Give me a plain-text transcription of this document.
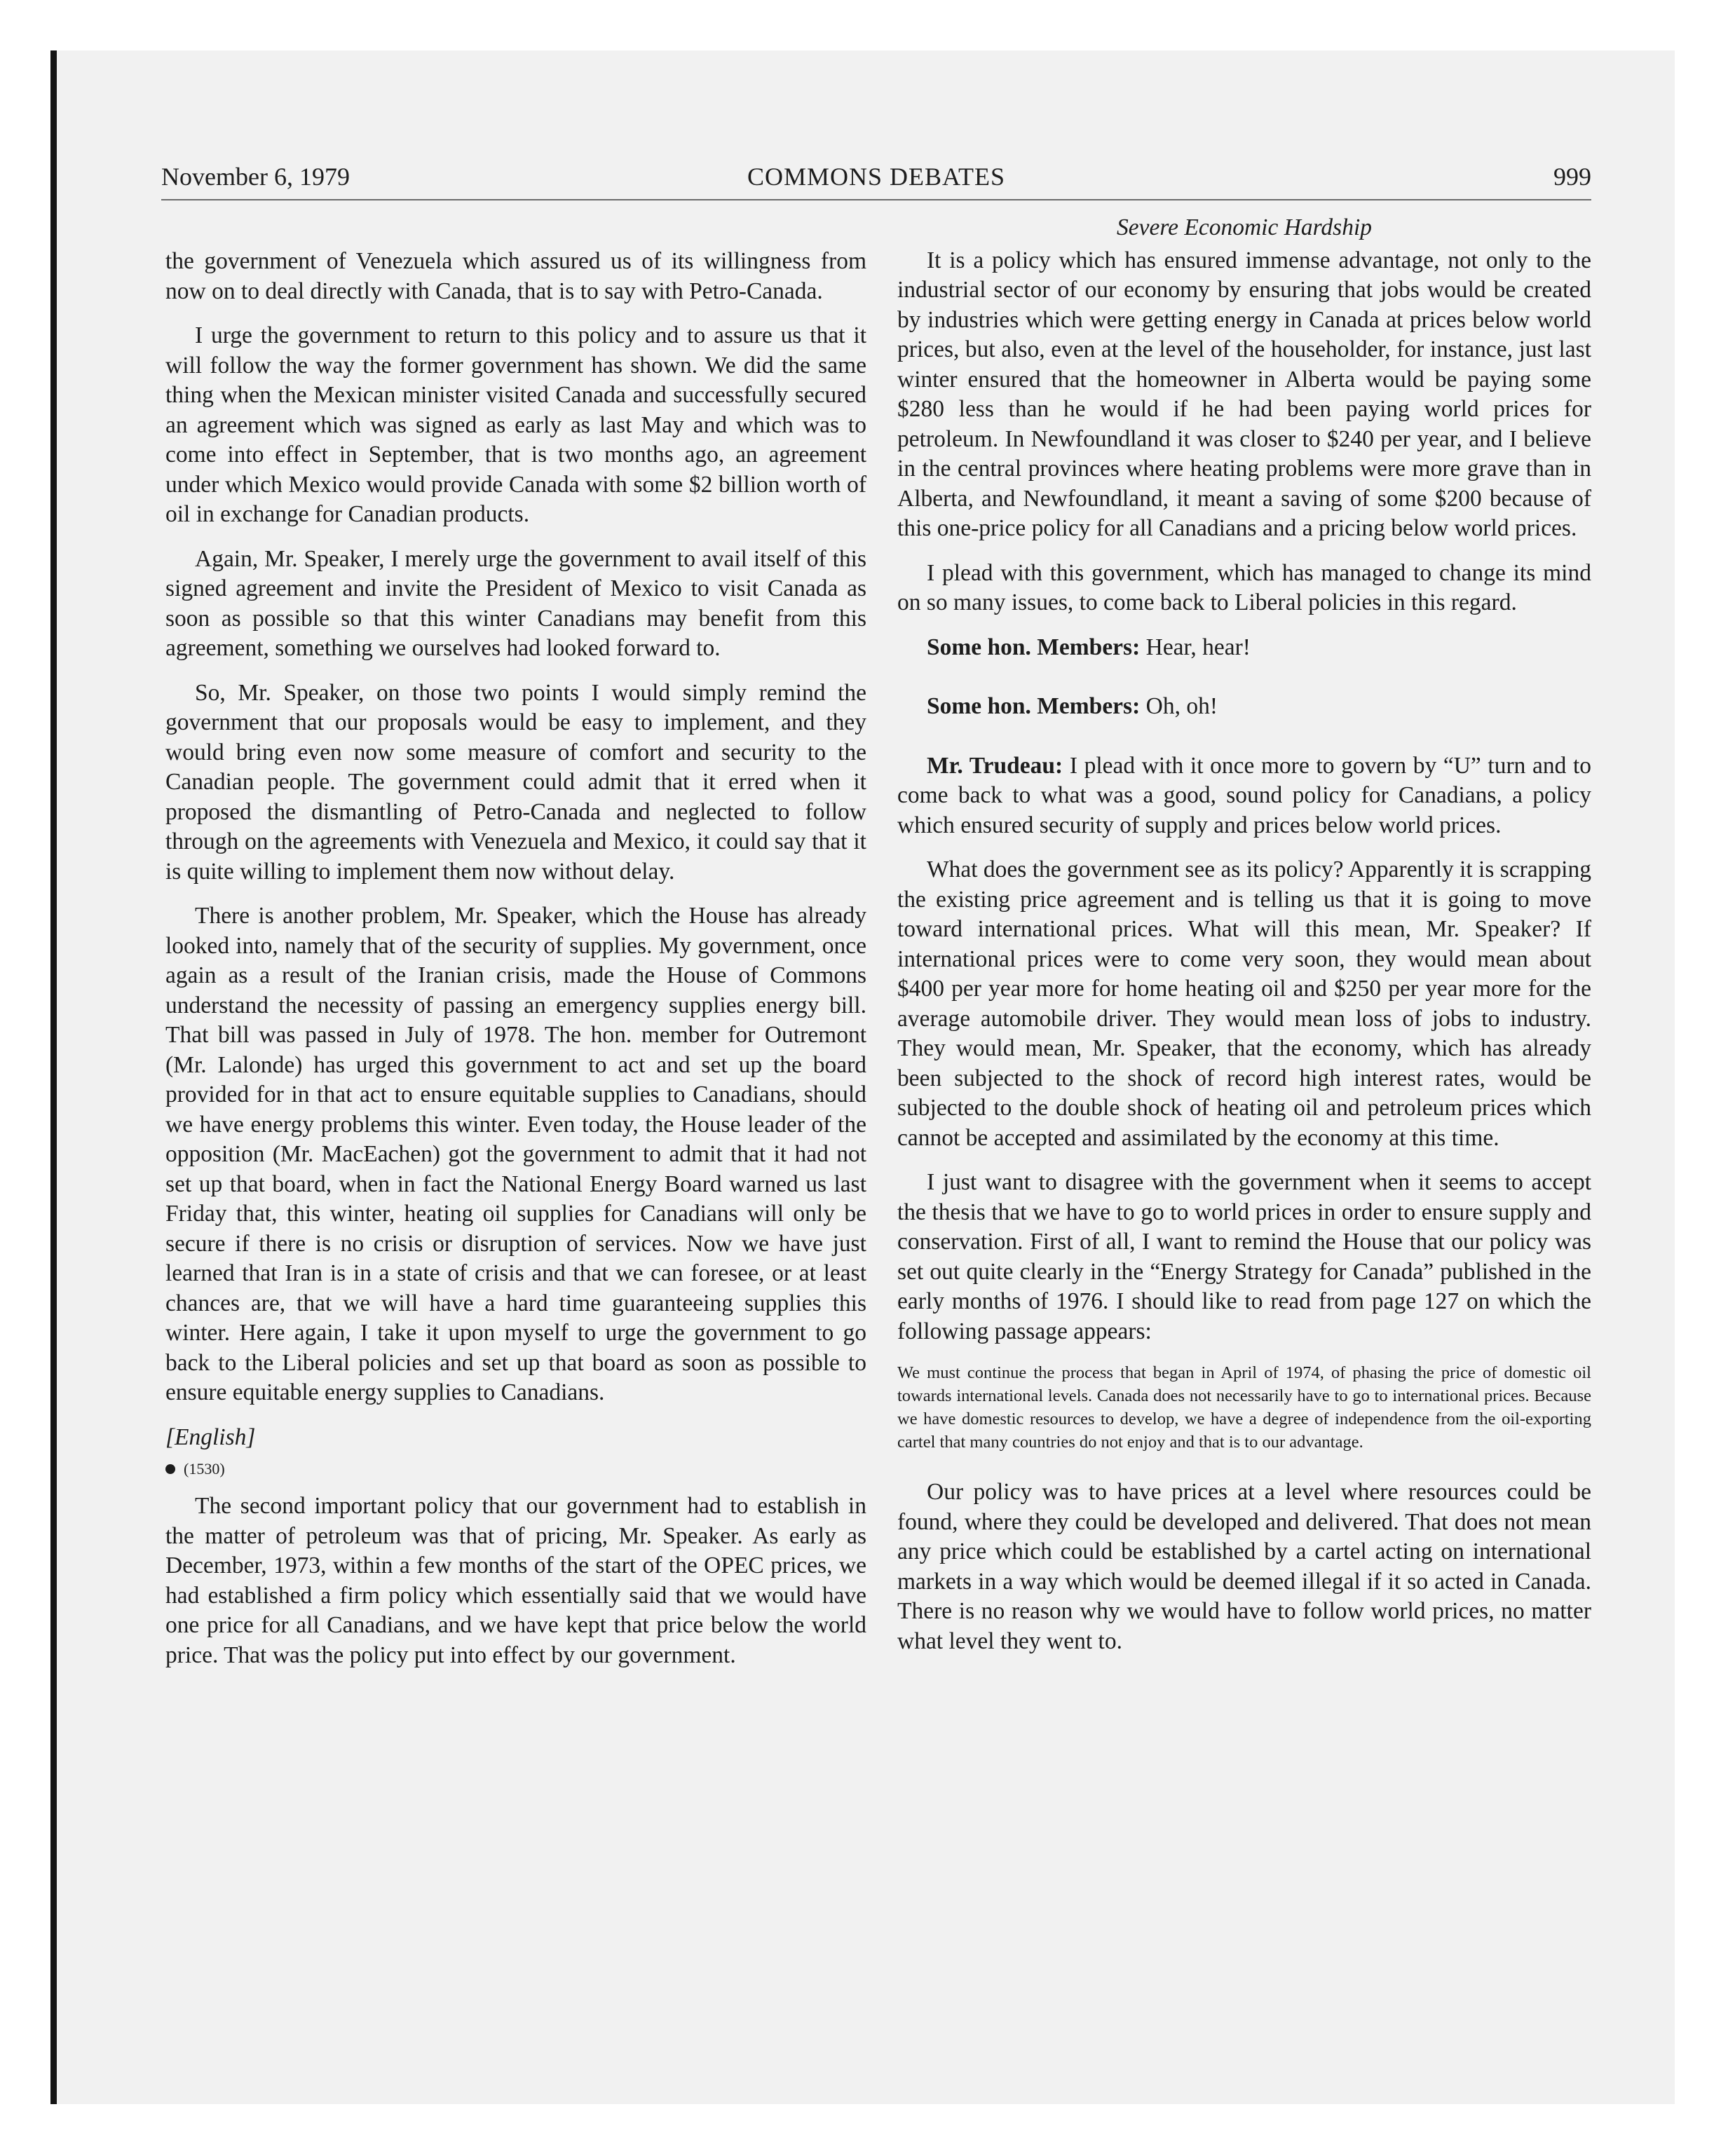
November 6, 1979	COMMONS DEBATES	999

the government of Venezuela which assured us of its willingness from now on to deal directly with Canada, that is to say with Petro-Canada.

I urge the government to return to this policy and to assure us that it will follow the way the former government has shown. We did the same thing when the Mexican minister visited Canada and successfully secured an agreement which was signed as early as last May and which was to come into effect in September, that is two months ago, an agreement under which Mexico would provide Canada with some $2 billion worth of oil in exchange for Canadian products.

Again, Mr. Speaker, I merely urge the government to avail itself of this signed agreement and invite the President of Mexico to visit Canada as soon as possible so that this winter Canadians may benefit from this agreement, something we ourselves had looked forward to.

So, Mr. Speaker, on those two points I would simply remind the government that our proposals would be easy to implement, and they would bring even now some measure of comfort and security to the Canadian people. The government could admit that it erred when it proposed the dismantling of Petro-Canada and neglected to follow through on the agreements with Venezuela and Mexico, it could say that it is quite willing to implement them now without delay.

There is another problem, Mr. Speaker, which the House has already looked into, namely that of the security of supplies. My government, once again as a result of the Iranian crisis, made the House of Commons understand the necessity of passing an emergency supplies energy bill. That bill was passed in July of 1978. The hon. member for Outremont (Mr. Lalonde) has urged this government to act and set up the board provided for in that act to ensure equitable supplies to Canadians, should we have energy problems this winter. Even today, the House leader of the opposition (Mr. MacEachen) got the government to admit that it had not set up that board, when in fact the National Energy Board warned us last Friday that, this winter, heating oil supplies for Canadians will only be secure if there is no crisis or disruption of services. Now we have just learned that Iran is in a state of crisis and that we can foresee, or at least chances are, that we will have a hard time guaranteeing supplies this winter. Here again, I take it upon myself to urge the government to go back to the Liberal policies and set up that board as soon as possible to ensure equitable energy supplies to Canadians.

[English]
(1530)

The second important policy that our government had to establish in the matter of petroleum was that of pricing, Mr. Speaker. As early as December, 1973, within a few months of the start of the OPEC prices, we had established a firm policy which essentially said that we would have one price for all Canadians, and we have kept that price below the world price. That was the policy put into effect by our government.

Severe Economic Hardship

It is a policy which has ensured immense advantage, not only to the industrial sector of our economy by ensuring that jobs would be created by industries which were getting energy in Canada at prices below world prices, but also, even at the level of the householder, for instance, just last winter ensured that the homeowner in Alberta would be paying some $280 less than he would if he had been paying world prices for petroleum. In Newfoundland it was closer to $240 per year, and I believe in the central provinces where heating problems were more grave than in Alberta, and Newfoundland, it meant a saving of some $200 because of this one-price policy for all Canadians and a pricing below world prices.

I plead with this government, which has managed to change its mind on so many issues, to come back to Liberal policies in this regard.

Some hon. Members: Hear, hear!

Some hon. Members: Oh, oh!

Mr. Trudeau: I plead with it once more to govern by “U” turn and to come back to what was a good, sound policy for Canadians, a policy which ensured security of supply and prices below world prices.

What does the government see as its policy? Apparently it is scrapping the existing price agreement and is telling us that it is going to move toward international prices. What will this mean, Mr. Speaker? If international prices were to come very soon, they would mean about $400 per year more for home heating oil and $250 per year more for the average automobile driver. They would mean loss of jobs to industry. They would mean, Mr. Speaker, that the economy, which has already been subjected to the shock of record high interest rates, would be subjected to the double shock of heating oil and petroleum prices which cannot be accepted and assimilated by the economy at this time.

I just want to disagree with the government when it seems to accept the thesis that we have to go to world prices in order to ensure supply and conservation. First of all, I want to remind the House that our policy was set out quite clearly in the “Energy Strategy for Canada” published in the early months of 1976. I should like to read from page 127 on which the following passage appears:

We must continue the process that began in April of 1974, of phasing the price of domestic oil towards international levels. Canada does not necessarily have to go to international prices. Because we have domestic resources to develop, we have a degree of independence from the oil-exporting cartel that many countries do not enjoy and that is to our advantage.

Our policy was to have prices at a level where resources could be found, where they could be developed and delivered. That does not mean any price which could be established by a cartel acting on international markets in a way which would be deemed illegal if it so acted in Canada. There is no reason why we would have to follow world prices, no matter what level they went to.
